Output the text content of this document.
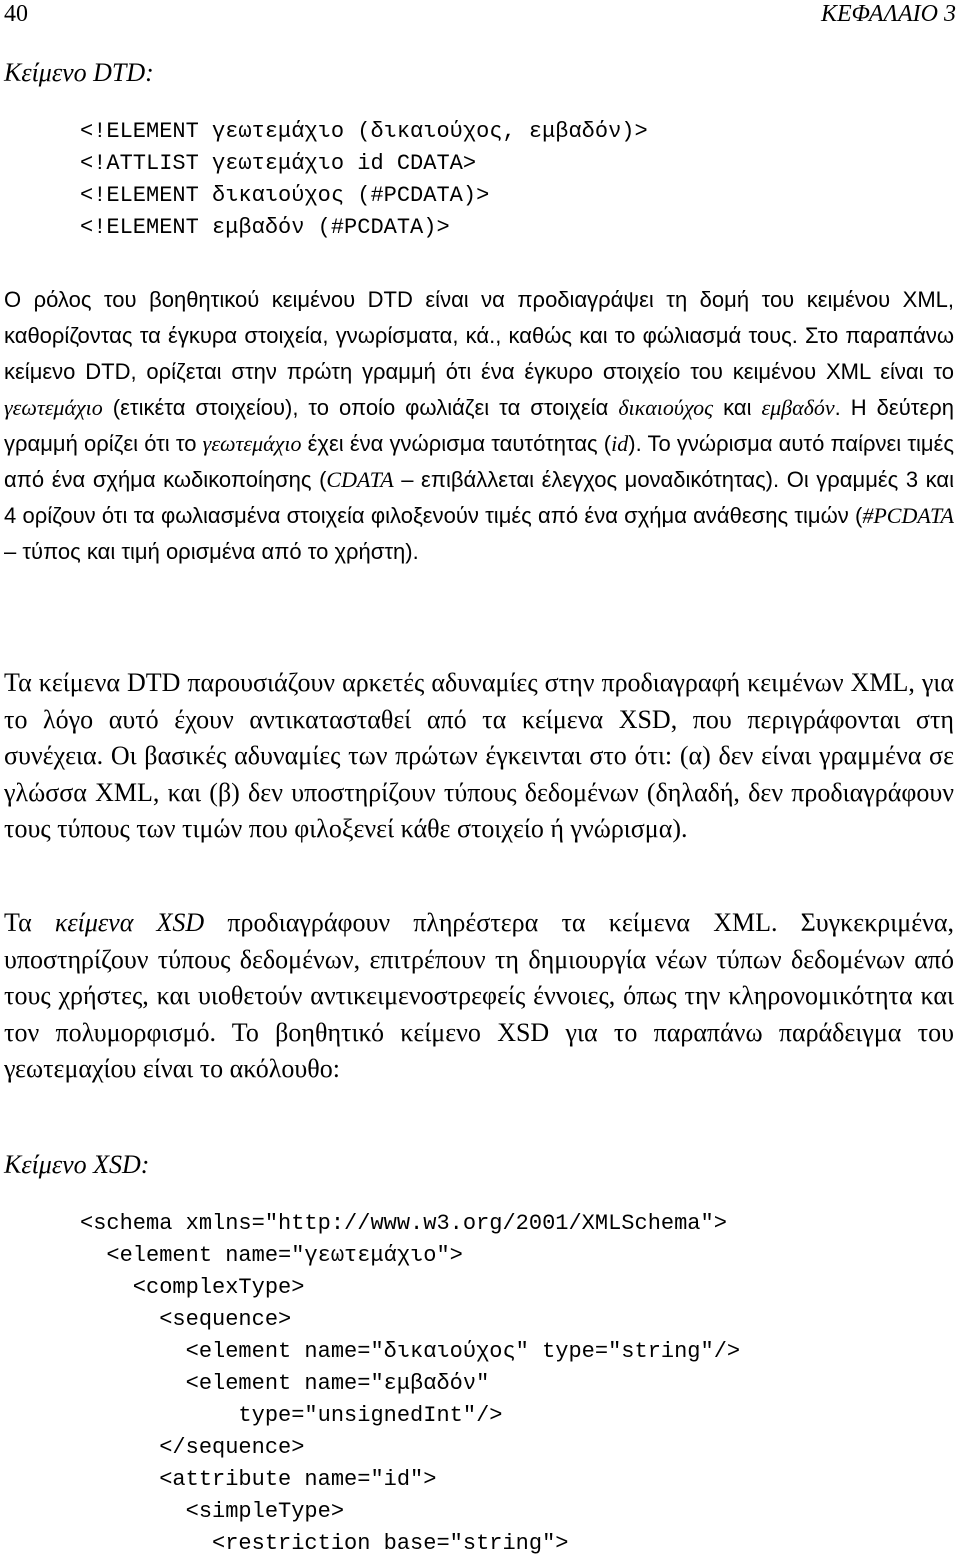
40	ΚΕΦΑΛΑΙΟ 3
Κείμενο DTD:
<!ELEMENT γεωτεμάχιο (δικαιούχος, εμβαδόν)>
<!ATTLIST γεωτεμάχιο id CDATA>
<!ELEMENT δικαιούχος (#PCDATA)>
<!ELEMENT εμβαδόν (#PCDATA)>

Ο ρόλος του βοηθητικού κειμένου DTD είναι να προδιαγράψει τη δομή του κειμένου XML, καθορίζοντας τα έγκυρα στοιχεία, γνωρίσματα, κά., καθώς και το φώλιασμά τους. Στο παραπάνω κείμενο DTD, ορίζεται στην πρώτη γραμμή ότι ένα έγκυρο στοιχείο του κειμένου XML είναι το γεωτεμάχιο (ετικέτα στοιχείου), το οποίο φωλιάζει τα στοιχεία δικαιούχος και εμβαδόν. Η δεύτερη γραμμή ορίζει ότι το γεωτεμάχιο έχει ένα γνώρισμα ταυτότητας (id). Το γνώρισμα αυτό παίρνει τιμές από ένα σχήμα κωδικοποίησης (CDATA – επιβάλλεται έλεγχος μοναδικότητας). Οι γραμμές 3 και 4 ορίζουν ότι τα φωλιασμένα στοιχεία φιλοξενούν τιμές από ένα σχήμα ανάθεσης τιμών (#PCDATA – τύπος και τιμή ορισμένα από το χρήστη).

Τα κείμενα DTD παρουσιάζουν αρκετές αδυναμίες στην προδιαγραφή κειμένων XML, για το λόγο αυτό έχουν αντικατασταθεί από τα κείμενα XSD, που περιγράφονται στη συνέχεια. Οι βασικές αδυναμίες των πρώτων έγκεινται στο ότι: (α) δεν είναι γραμμένα σε γλώσσα XML, και (β) δεν υποστηρίζουν τύπους δεδομένων (δηλαδή, δεν προδιαγράφουν τους τύπους των τιμών που φιλοξενεί κάθε στοιχείο ή γνώρισμα).

Τα κείμενα XSD προδιαγράφουν πληρέστερα τα κείμενα XML. Συγκεκριμένα, υποστηρίζουν τύπους δεδομένων, επιτρέπουν τη δημιουργία νέων τύπων δεδομένων από τους χρήστες, και υιοθετούν αντικειμενοστρεφείς έννοιες, όπως την κληρονομικότητα και τον πολυμορφισμό. Το βοηθητικό κείμενο XSD για το παραπάνω παράδειγμα του γεωτεμαχίου είναι το ακόλουθο:

Κείμενο XSD:
<schema xmlns="http://www.w3.org/2001/XMLSchema">
<element name="γεωτεμάχιο">
<complexType>
<sequence>
<element name="δικαιούχος" type="string"/>
<element name="εμβαδόν"
type="unsignedInt"/>
</sequence>
<attribute name="id">
<simpleType>
<restriction base="string">
